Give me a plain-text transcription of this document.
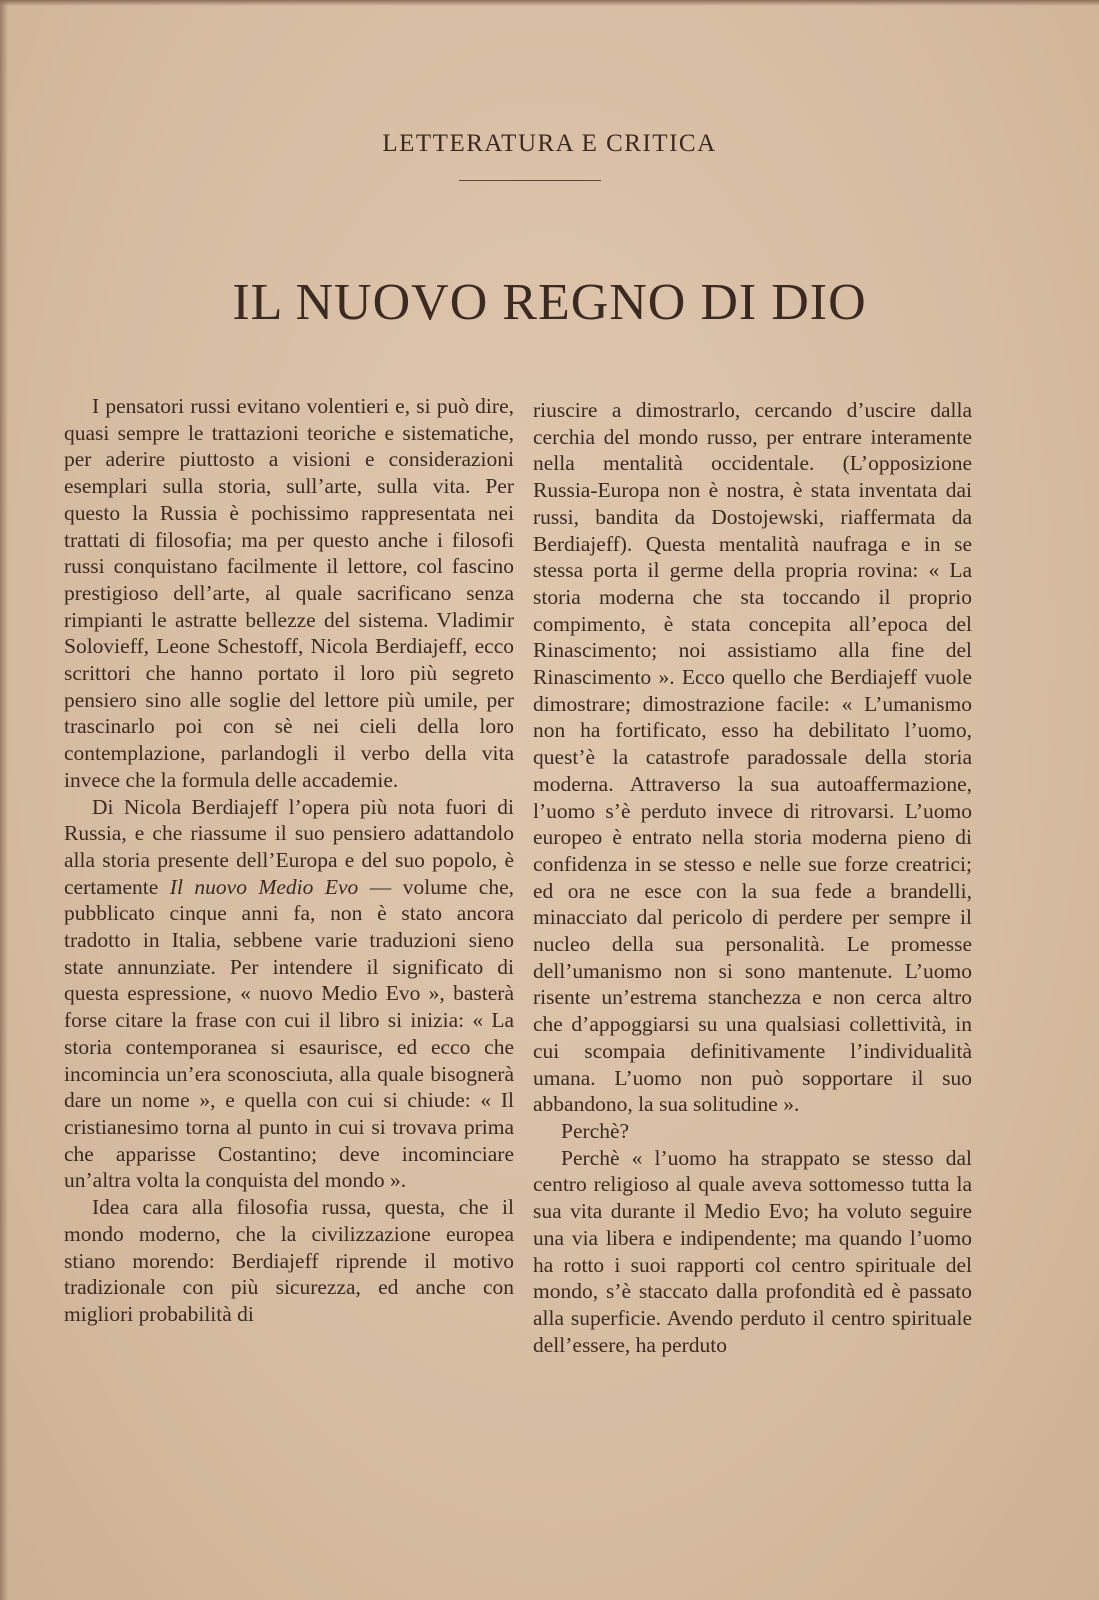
LETTERATURA E CRITICA
IL NUOVO REGNO DI DIO

I pensatori russi evitano volentieri e, si può dire, quasi sempre le trattazioni teoriche e sistematiche, per aderire piuttosto a visioni e considerazioni esemplari sulla storia, sull’arte, sulla vita. Per questo la Russia è pochissimo rappresentata nei trattati di filosofia; ma per questo anche i filosofi russi conquistano facilmente il lettore, col fascino prestigioso dell’arte, al quale sacrificano senza rimpianti le astratte bellezze del sistema. Vladimir Solovieff, Leone Schestoff, Nicola Berdiajeff, ecco scrittori che hanno portato il loro più segreto pensiero sino alle soglie del lettore più umile, per trascinarlo poi con sè nei cieli della loro contemplazione, parlandogli il verbo della vita invece che la formula delle accademie.

Di Nicola Berdiajeff l’opera più nota fuori di Russia, e che riassume il suo pensiero adattandolo alla storia presente dell’Europa e del suo popolo, è certamente Il nuovo Medio Evo — volume che, pubblicato cinque anni fa, non è stato ancora tradotto in Italia, sebbene varie traduzioni sieno state annunziate. Per intendere il significato di questa espressione, « nuovo Medio Evo », basterà forse citare la frase con cui il libro si inizia: « La storia contemporanea si esaurisce, ed ecco che incomincia un’era sconosciuta, alla quale bisognerà dare un nome », e quella con cui si chiude: « Il cristianesimo torna al punto in cui si trovava prima che apparisse Costantino; deve incominciare un’altra volta la conquista del mondo ».

Idea cara alla filosofia russa, questa, che il mondo moderno, che la civilizzazione europea stiano morendo: Berdiajeff riprende il motivo tradizionale con più sicurezza, ed anche con migliori probabilità di

riuscire a dimostrarlo, cercando d’uscire dalla cerchia del mondo russo, per entrare interamente nella mentalità occidentale. (L’opposizione Russia-Europa non è nostra, è stata inventata dai russi, bandita da Dostojewski, riaffermata da Berdiajeff). Questa mentalità naufraga e in se stessa porta il germe della propria rovina: « La storia moderna che sta toccando il proprio compimento, è stata concepita all’epoca del Rinascimento; noi assistiamo alla fine del Rinascimento ». Ecco quello che Berdiajeff vuole dimostrare; dimostrazione facile: « L’umanismo non ha fortificato, esso ha debilitato l’uomo, quest’è la catastrofe paradossale della storia moderna. Attraverso la sua autoaffermazione, l’uomo s’è perduto invece di ritrovarsi. L’uomo europeo è entrato nella storia moderna pieno di confidenza in se stesso e nelle sue forze creatrici; ed ora ne esce con la sua fede a brandelli, minacciato dal pericolo di perdere per sempre il nucleo della sua personalità. Le promesse dell’umanismo non si sono mantenute. L’uomo risente un’estrema stanchezza e non cerca altro che d’appoggiarsi su una qualsiasi collettività, in cui scompaia definitivamente l’individualità umana. L’uomo non può sopportare il suo abbandono, la sua solitudine ».

Perchè?

Perchè « l’uomo ha strappato se stesso dal centro religioso al quale aveva sottomesso tutta la sua vita durante il Medio Evo; ha voluto seguire una via libera e indipendente; ma quando l’uomo ha rotto i suoi rapporti col centro spirituale del mondo, s’è staccato dalla profondità ed è passato alla superficie. Avendo perduto il centro spirituale dell’essere, ha perduto
